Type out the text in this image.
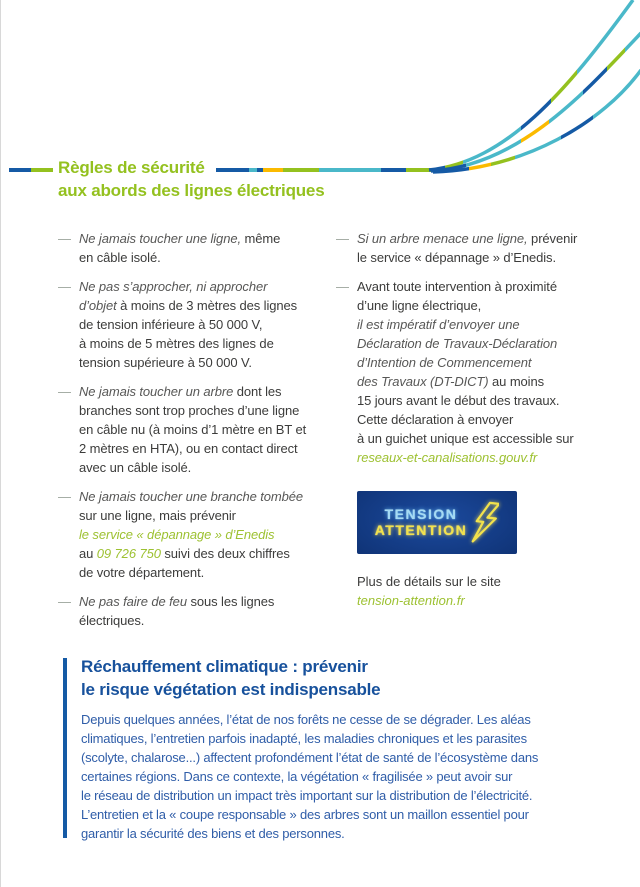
Règles de sécurité
aux abords des lignes électriques
— Ne jamais toucher une ligne, même
en câble isolé.
— Ne pas s’approcher, ni approcher
d’objet à moins de 3 mètres des lignes
de tension inférieure à 50 000 V,
à moins de 5 mètres des lignes de
tension supérieure à 50 000 V.
— Ne jamais toucher un arbre dont les
branches sont trop proches d’une ligne
en câble nu (à moins d’1 mètre en BT et
2 mètres en HTA), ou en contact direct
avec un câble isolé.
— Ne jamais toucher une branche tombée
sur une ligne, mais prévenir
le service « dépannage » d’Enedis
au 09 726 750 suivi des deux chiffres
de votre département.
— Ne pas faire de feu sous les lignes
électriques.
— Si un arbre menace une ligne, prévenir
le service « dépannage » d’Enedis.
— Avant toute intervention à proximité
d’une ligne électrique,
il est impératif d’envoyer une
Déclaration de Travaux-Déclaration
d’Intention de Commencement
des Travaux (DT-DICT) au moins
15 jours avant le début des travaux.
Cette déclaration à envoyer
à un guichet unique est accessible sur
reseaux-et-canalisations.gouv.fr
TENSION
ATTENTION
Plus de détails sur le site
tension-attention.fr
Réchauffement climatique : prévenir
le risque végétation est indispensable
Depuis quelques années, l’état de nos forêts ne cesse de se dégrader. Les aléas
climatiques, l’entretien parfois inadapté, les maladies chroniques et les parasites
(scolyte, chalarose...) affectent profondément l’état de santé de l’écosystème dans
certaines régions. Dans ce contexte, la végétation « fragilisée » peut avoir sur
le réseau de distribution un impact très important sur la distribution de l’électricité.
L’entretien et la « coupe responsable » des arbres sont un maillon essentiel pour
garantir la sécurité des biens et des personnes.
